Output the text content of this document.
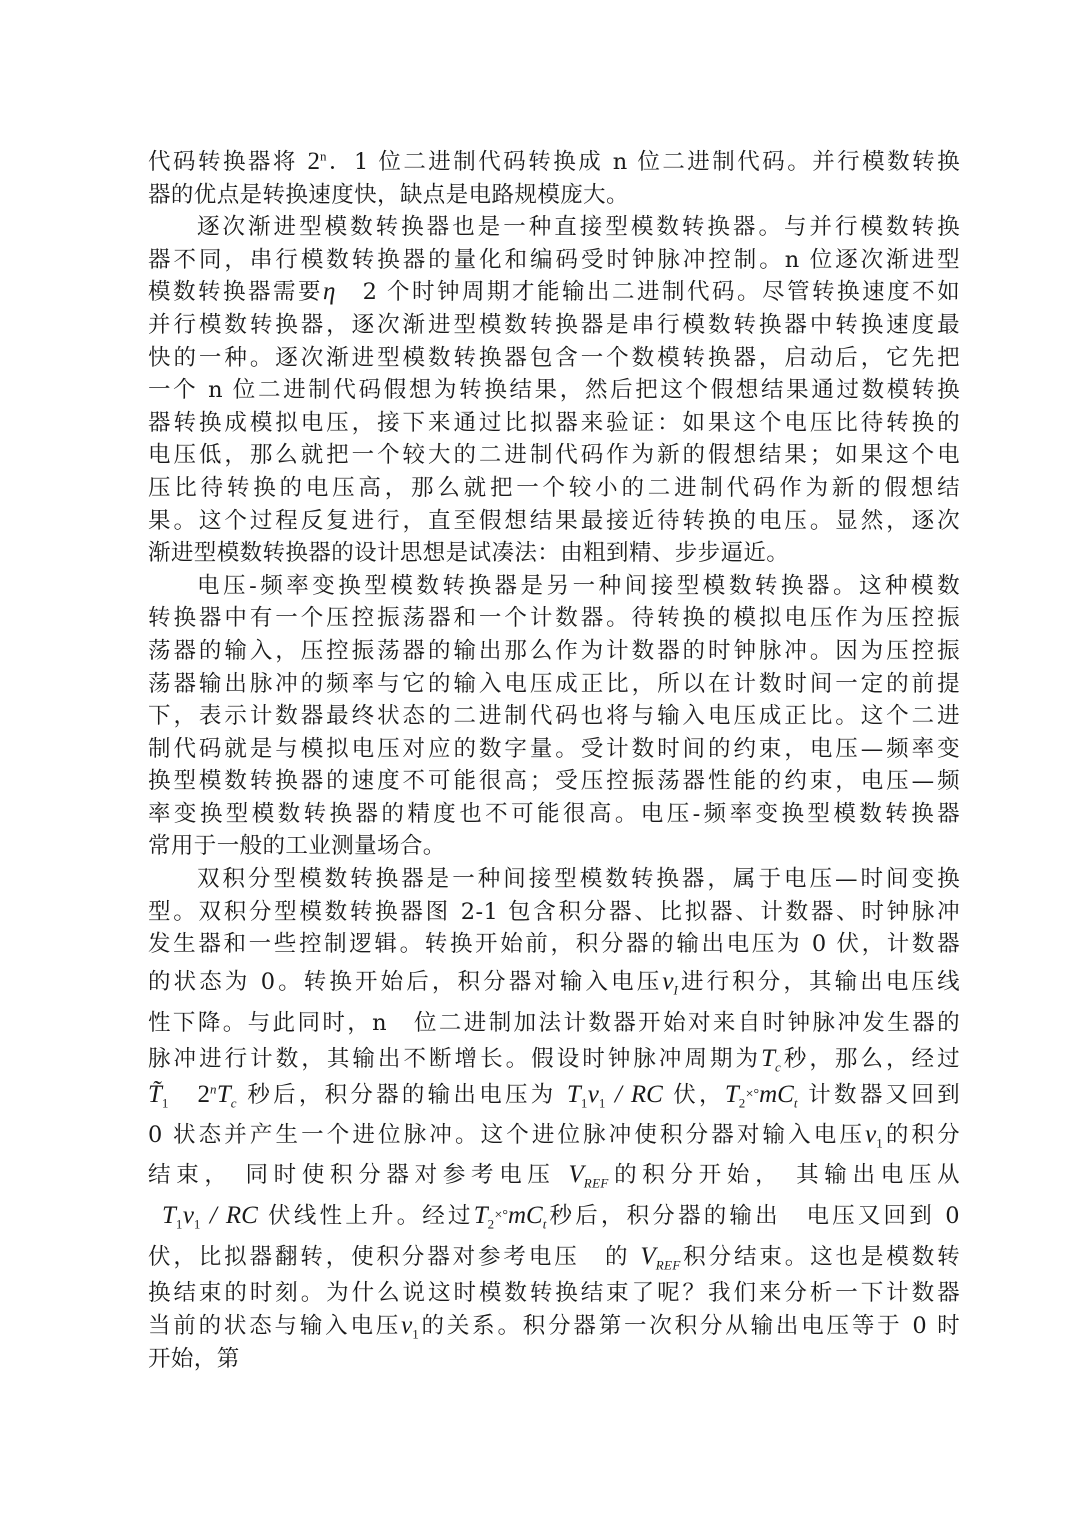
代码转换器将 2$^n$．1 位二进制代码转换成 n 位二进制代码。并行模数转换
器的优点是转换速度快，缺点是电路规模庞大。
逐次渐进型模数转换器也是一种直接型模数转换器。与并行模数转换
器不同，串行模数转换器的量化和编码受时钟脉冲控制。n 位逐次渐进型
模数转换器需要η　2 个时钟周期才能输出二进制代码。尽管转换速度不如
并行模数转换器，逐次渐进型模数转换器是串行模数转换器中转换速度最
快的一种。逐次渐进型模数转换器包含一个数模转换器，启动后，它先把
一个 n 位二进制代码假想为转换结果，然后把这个假想结果通过数模转换
器转换成模拟电压，接下来通过比拟器来验证：如果这个电压比待转换的
电压低，那么就把一个较大的二进制代码作为新的假想结果；如果这个电
压比待转换的电压高，那么就把一个较小的二进制代码作为新的假想结
果。这个过程反复进行，直至假想结果最接近待转换的电压。显然，逐次
渐进型模数转换器的设计思想是试凑法：由粗到精、步步逼近。
电压-频率变换型模数转换器是另一种间接型模数转换器。这种模数
转换器中有一个压控振荡器和一个计数器。待转换的模拟电压作为压控振
荡器的输入，压控振荡器的输出那么作为计数器的时钟脉冲。因为压控振
荡器输出脉冲的频率与它的输入电压成正比，所以在计数时间一定的前提
下，表示计数器最终状态的二进制代码也将与输入电压成正比。这个二进
制代码就是与模拟电压对应的数字量。受计数时间的约束，电压—频率变
换型模数转换器的速度不可能很高；受压控振荡器性能的约束，电压—频
率变换型模数转换器的精度也不可能很高。电压-频率变换型模数转换器
常用于一般的工业测量场合。
双积分型模数转换器是一种间接型模数转换器，属于电压—时间变换
型。双积分型模数转换器图 2-1 包含积分器、比拟器、计数器、时钟脉冲
发生器和一些控制逻辑。转换开始前，积分器的输出电压为 0 伏，计数器
的状态为 0。转换开始后，积分器对输入电压$v_I$进行积分，其输出电压线
性下降。与此同时，n　位二进制加法计数器开始对来自时钟脉冲发生器的
脉冲进行计数，其输出不断增长。假设时钟脉冲周期为$T_c$秒，那么，经过
$T̃_1$　 $2^nT_c$ 秒后，积分器的输出电压为 $T_1v_1$ / RC 伏，$T_2^{\times^\circ}mC_t$ 计数器又回到
0 状态并产生一个进位脉冲。这个进位脉冲使积分器对输入电压$v_1$的积分
结束， 同时使积分器对参考电压 $V_{REF}$的积分开始， 其输出电压从
$T_1v_1$ / RC 伏线性上升。经过$T_2^{\times^\circ}mC_t$秒后，积分器的输出　电压又回到 0
伏，比拟器翻转，使积分器对参考电压　的 $V_{REF}$积分结束。这也是模数转
换结束的时刻。为什么说这时模数转换结束了呢？我们来分析一下计数器
当前的状态与输入电压$v_1$的关系。积分器第一次积分从输出电压等于 0 时
开始，第
